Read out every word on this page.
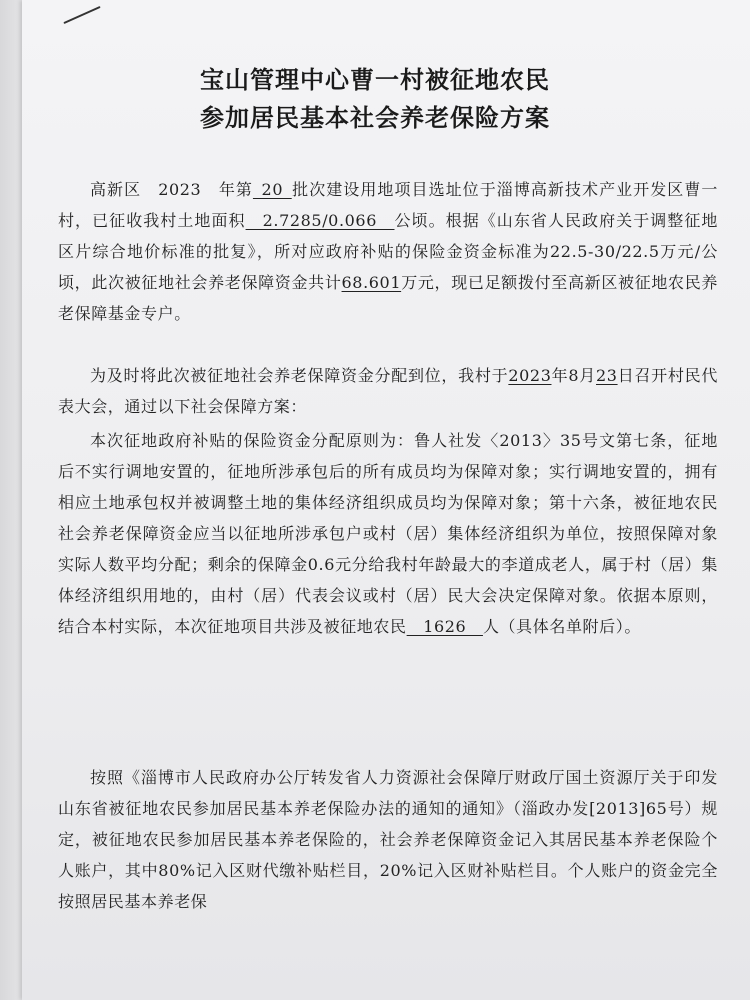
宝山管理中心曹一村被征地农民
参加居民基本社会养老保险方案
高新区　2023　年第_20_批次建设用地项目选址位于淄博高新技术产业开发区曹一村，已征收我村土地面积　2.7285/0.066　公顷。根据《山东省人民政府关于调整征地区片综合地价标准的批复》，所对应政府补贴的保险金资金标准为22.5-30/22.5万元/公顷，此次被征地社会养老保障资金共计68.601万元，现已足额拨付至高新区被征地农民养老保障基金专户。
为及时将此次被征地社会养老保障资金分配到位，我村于2023年8月23日召开村民代表大会，通过以下社会保障方案：
本次征地政府补贴的保险资金分配原则为：鲁人社发〈2013〉35号文第七条，征地后不实行调地安置的，征地所涉承包后的所有成员均为保障对象；实行调地安置的，拥有相应土地承包权并被调整土地的集体经济组织成员均为保障对象；第十六条，被征地农民社会养老保障资金应当以征地所涉承包户或村（居）集体经济组织为单位，按照保障对象实际人数平均分配；剩余的保障金0.6元分给我村年龄最大的李道成老人，属于村（居）集体经济组织用地的，由村（居）代表会议或村（居）民大会决定保障对象。依据本原则，结合本村实际，本次征地项目共涉及被征地农民　1626　人（具体名单附后）。
按照《淄博市人民政府办公厅转发省人力资源社会保障厅财政厅国土资源厅关于印发山东省被征地农民参加居民基本养老保险办法的通知的通知》（淄政办发[2013]65号）规定，被征地农民参加居民基本养老保险的，社会养老保障资金记入其居民基本养老保险个人账户，其中80%记入区财代缴补贴栏目，20%记入区财补贴栏目。个人账户的资金完全按照居民基本养老保
